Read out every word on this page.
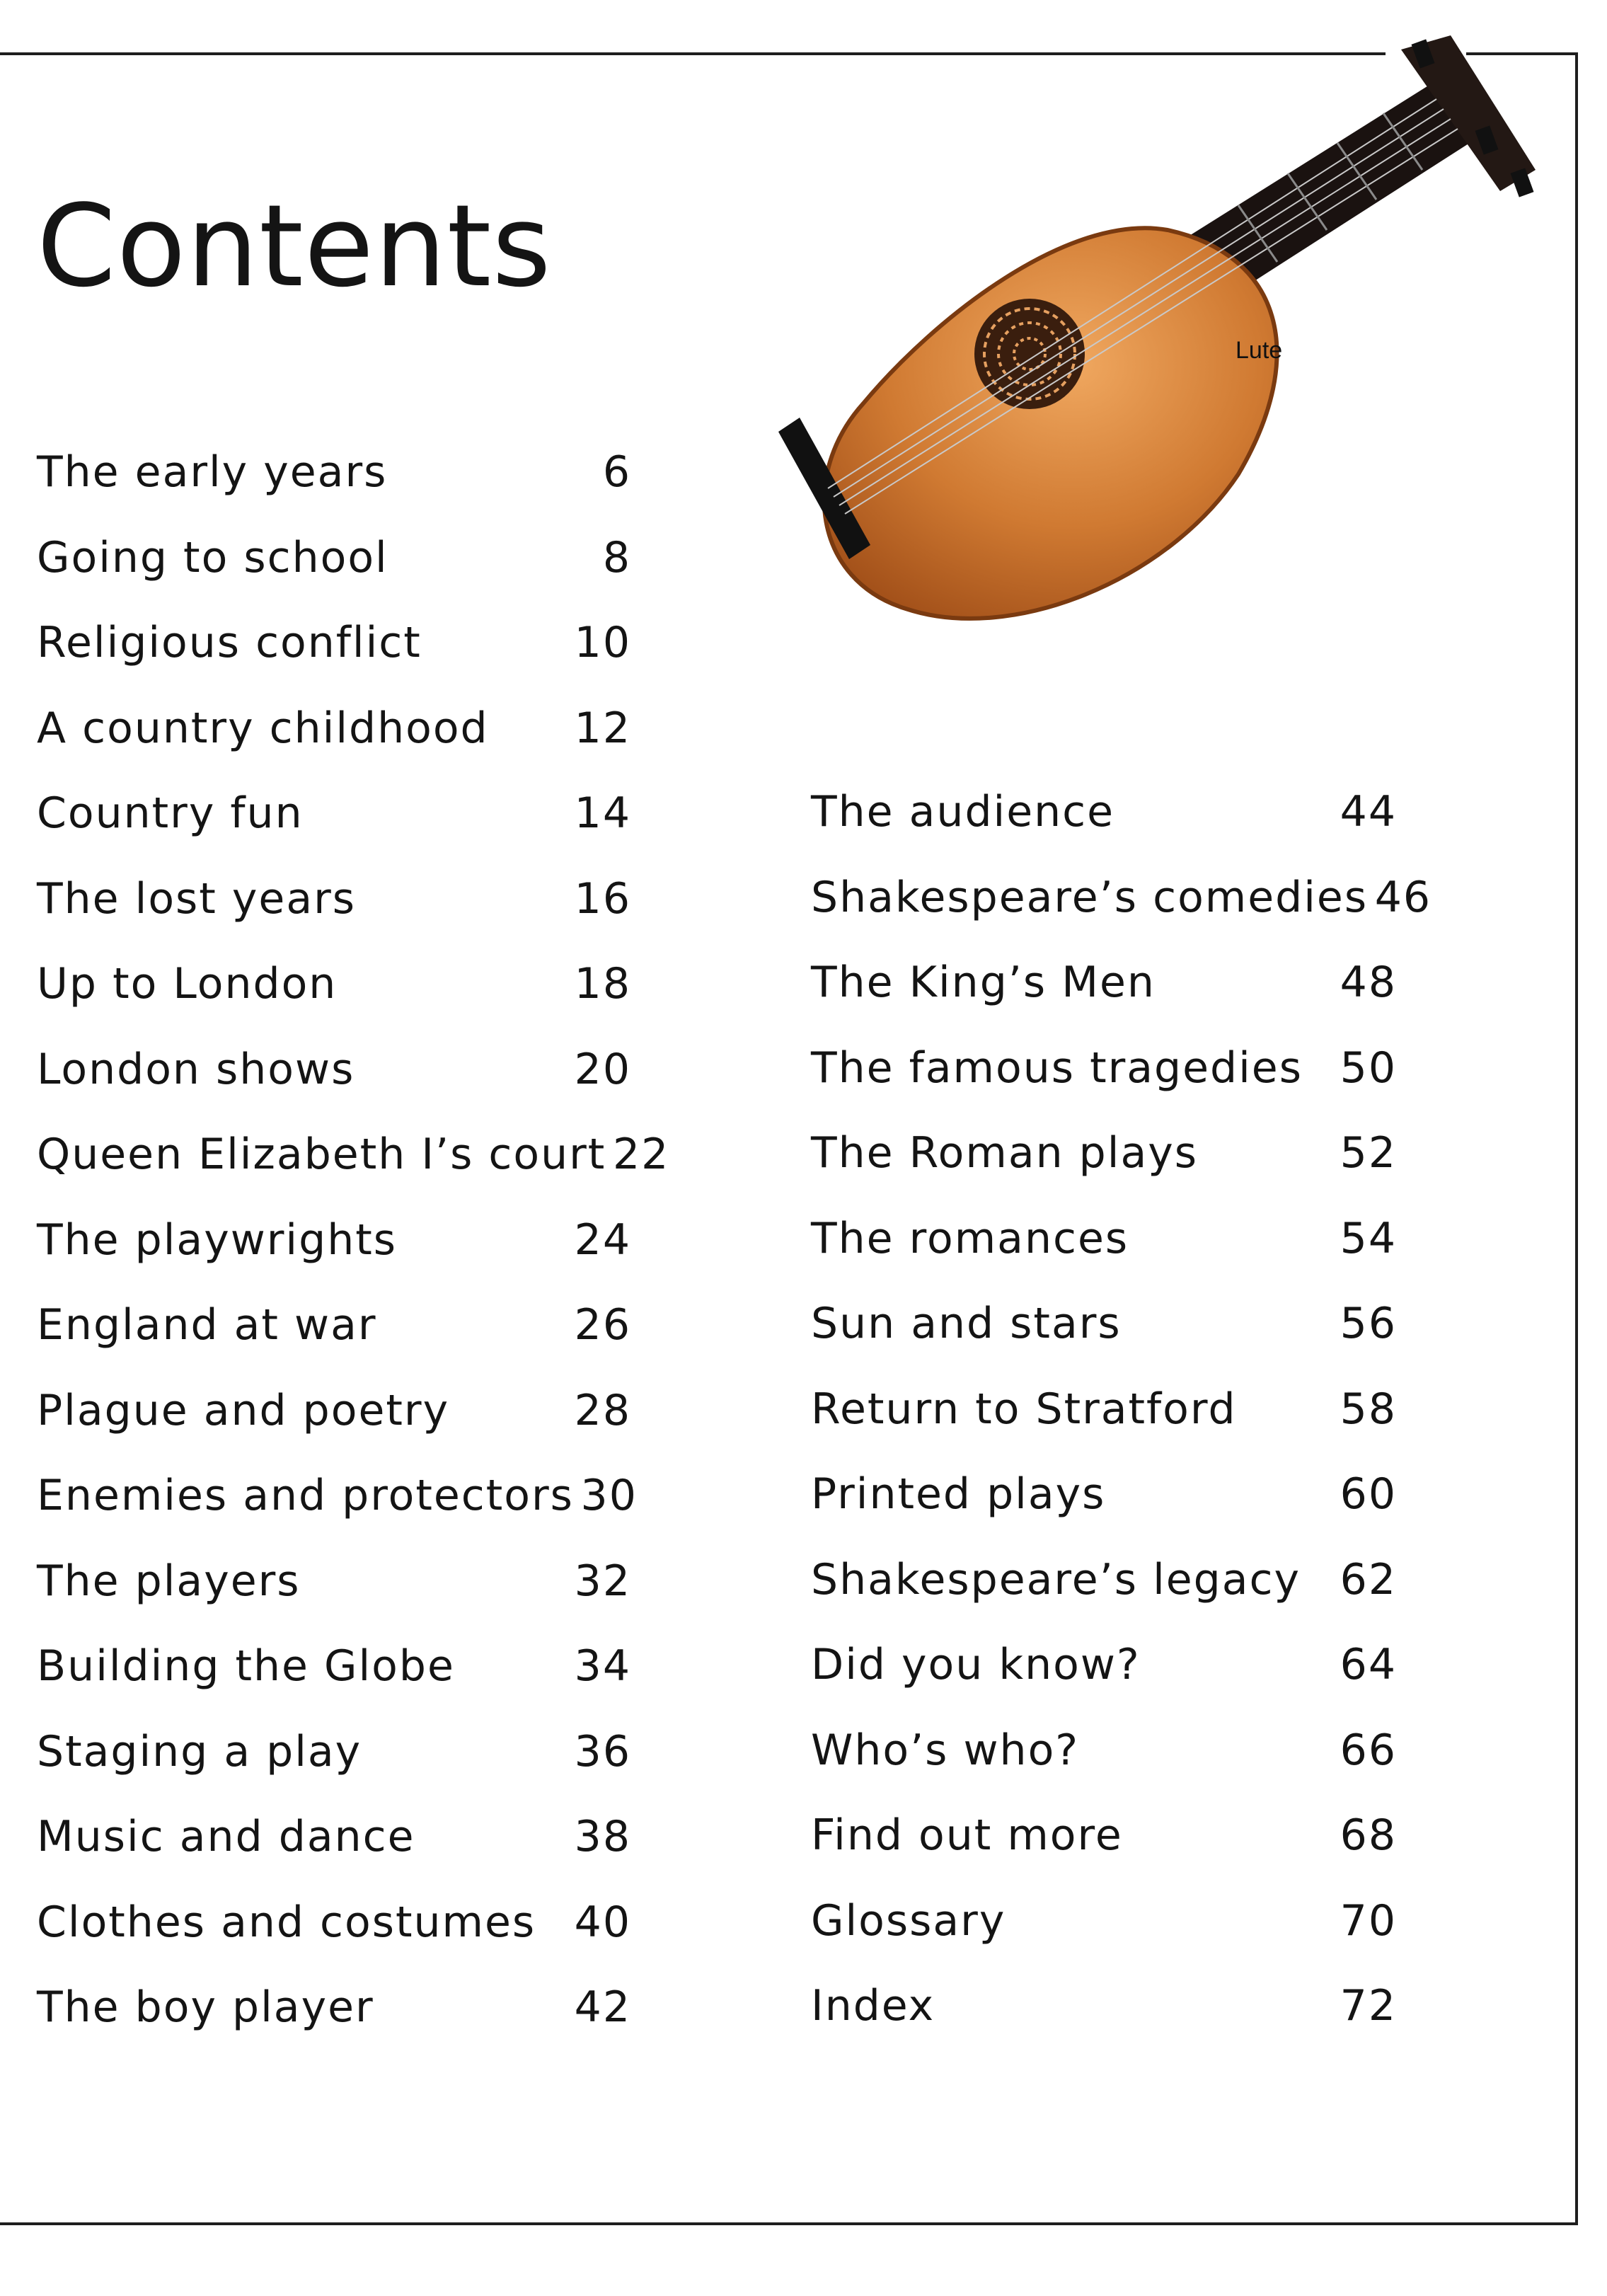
Contents
Lute
The early years	6
Going to school	8
Religious conflict	10
A country childhood 12
Country fun	14
The lost years	16
Up to London	18
London shows	20
Queen Elizabeth I’s court 22
The playwrights	24
England at war	26
Plague and poetry	28
Enemies and protectors 30
The players	32
Building the Globe	34
Staging a play	36
Music and dance	38
Clothes and costumes 40
The boy player	42
The audience	44
Shakespeare’s comedies 46
The King’s Men	48
The famous tragedies 50
The Roman plays	52
The romances	54
Sun and stars	56
Return to Stratford 58
Printed plays	60
Shakespeare’s legacy 62
Did you know?	64
Who’s who?	66
Find out more	68
Glossary	70
Index	72
